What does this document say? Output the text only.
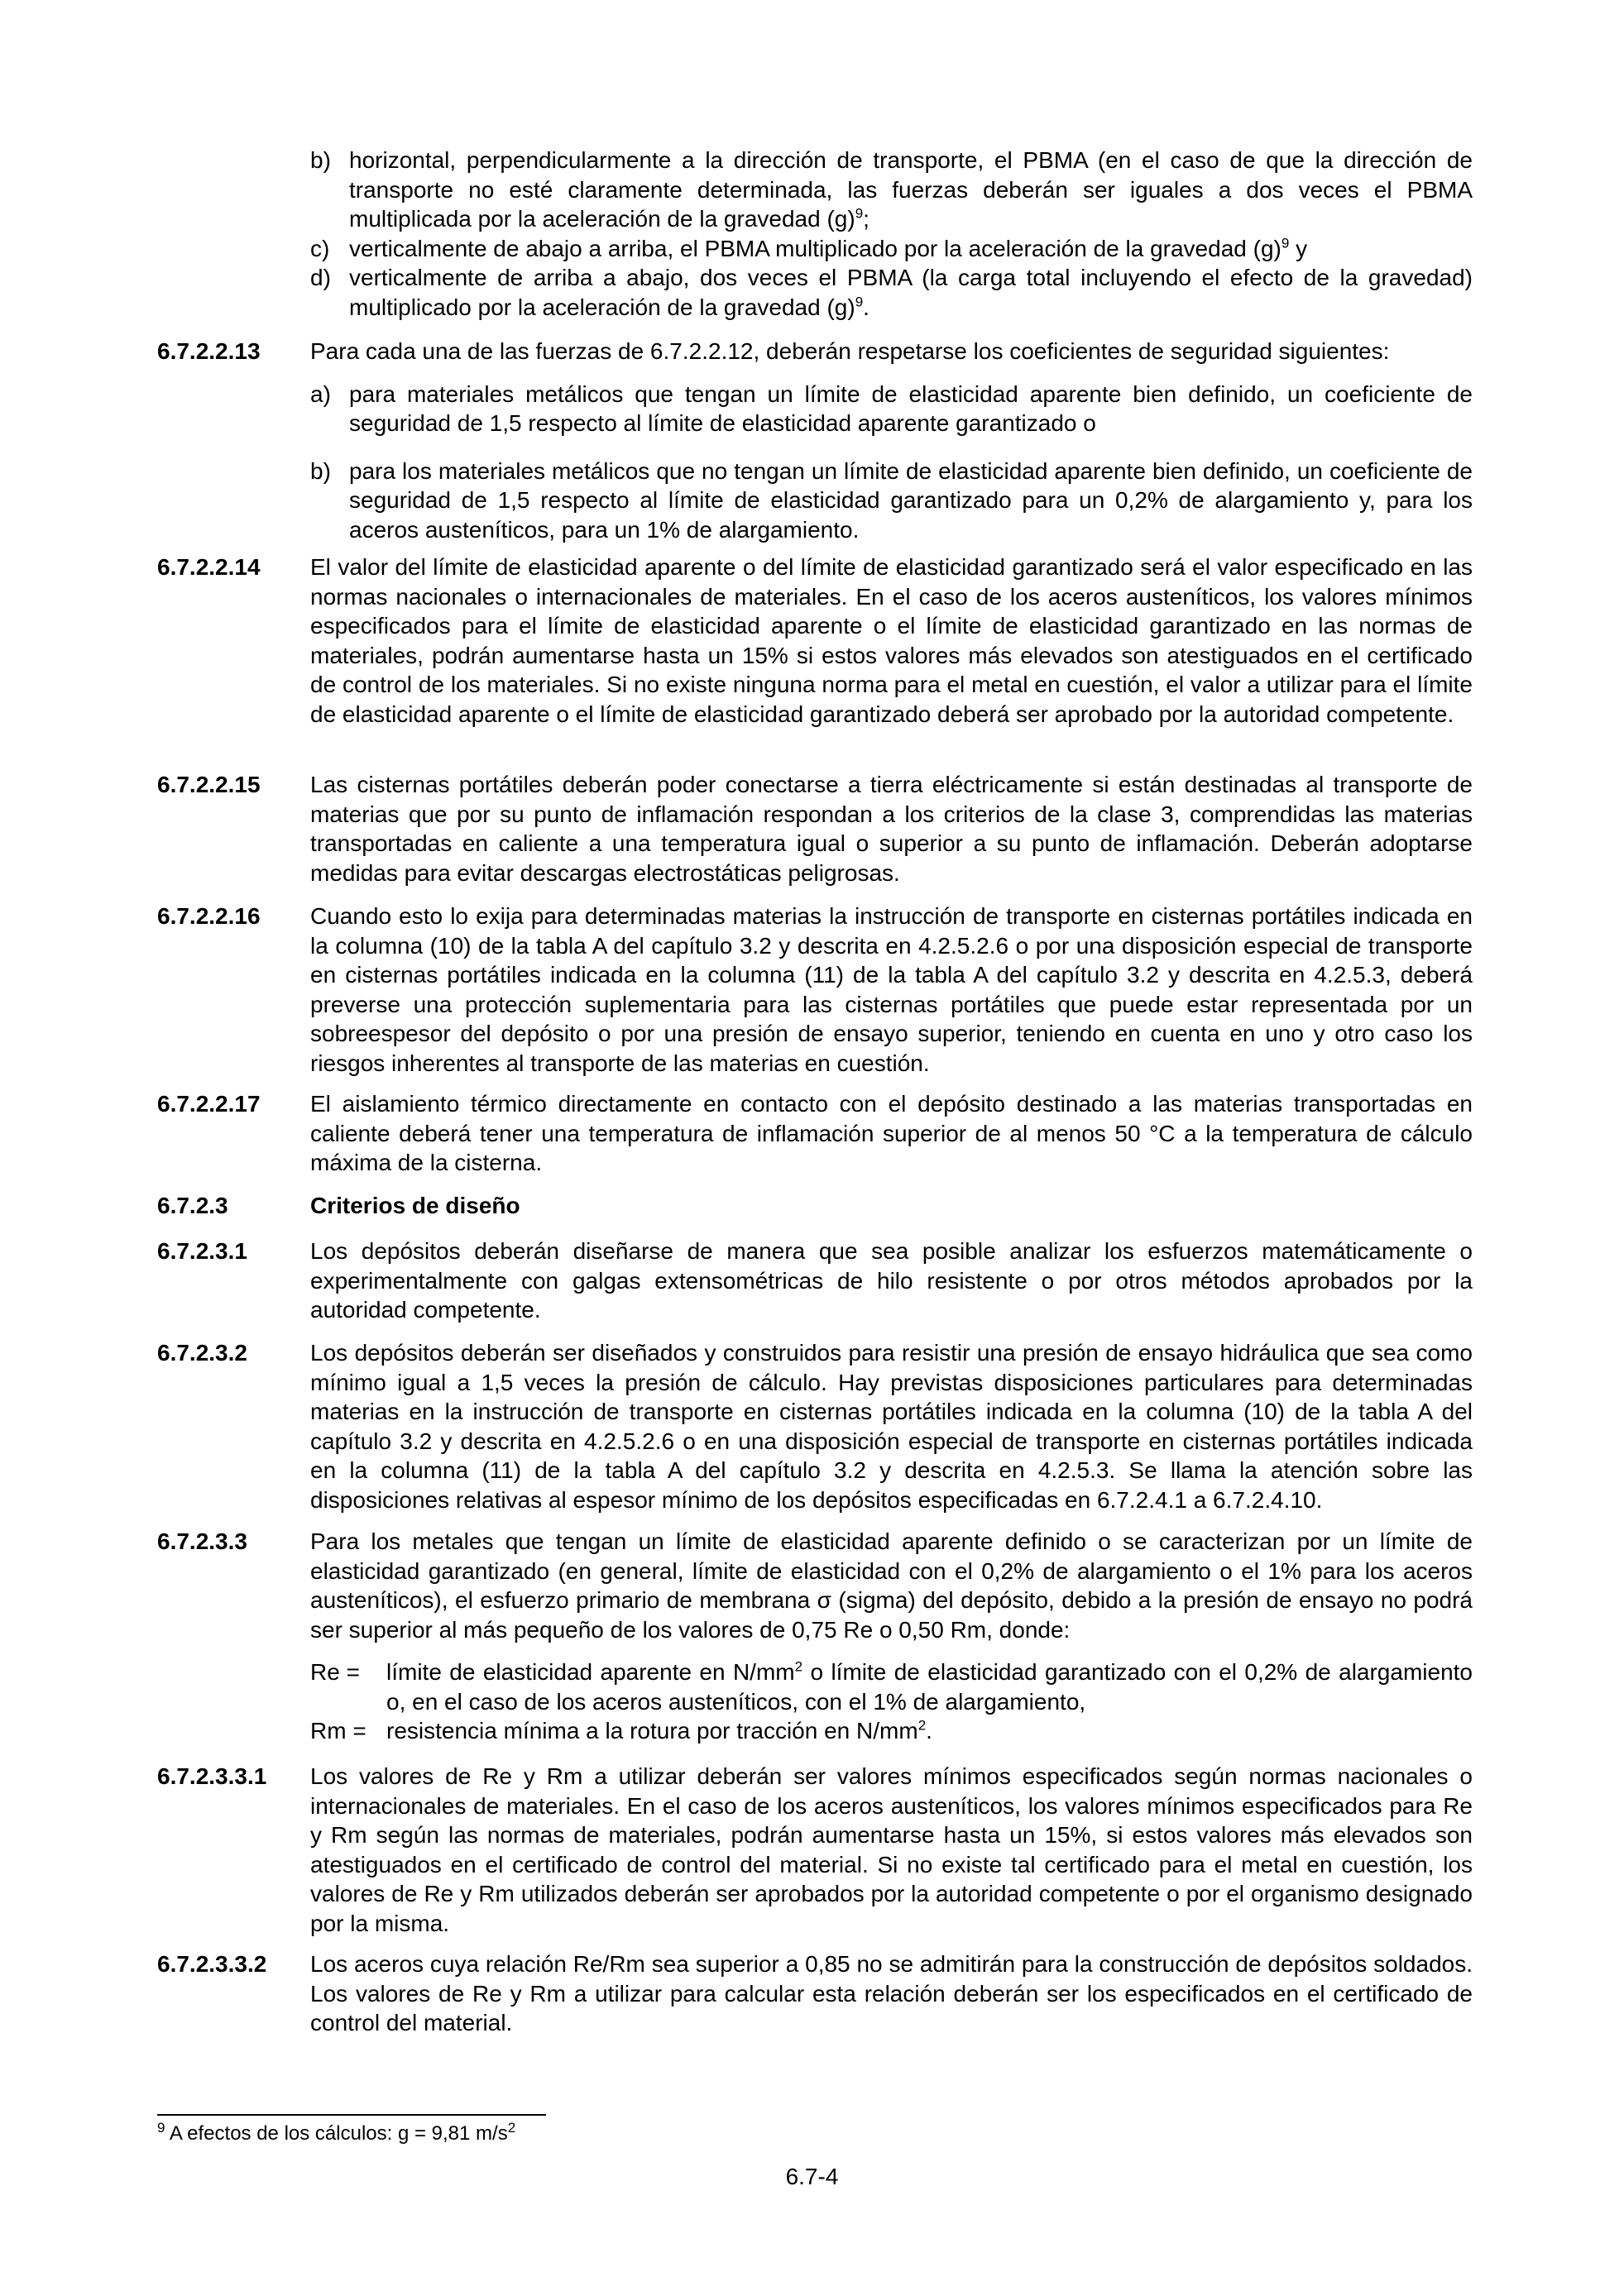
b) horizontal, perpendicularmente a la dirección de transporte, el PBMA (en el caso de que la dirección de transporte no esté claramente determinada, las fuerzas deberán ser iguales a dos veces el PBMA multiplicada por la aceleración de la gravedad $(g)^9$;
c) verticalmente de abajo a arriba, el PBMA multiplicado por la aceleración de la gravedad $(g)^9$ y
d) verticalmente de arriba a abajo, dos veces el PBMA (la carga total incluyendo el efecto de la gravedad) multiplicado por la aceleración de la gravedad $(g)^9$.
6.7.2.2.13 Para cada una de las fuerzas de 6.7.2.2.12, deberán respetarse los coeficientes de seguridad siguientes:
a) para materiales metálicos que tengan un límite de elasticidad aparente bien definido, un coeficiente de seguridad de 1,5 respecto al límite de elasticidad aparente garantizado o
b) para los materiales metálicos que no tengan un límite de elasticidad aparente bien definido, un coeficiente de seguridad de 1,5 respecto al límite de elasticidad garantizado para un 0,2% de alargamiento y, para los aceros austeníticos, para un 1% de alargamiento.
6.7.2.2.14 El valor del límite de elasticidad aparente o del límite de elasticidad garantizado será el valor especificado en las normas nacionales o internacionales de materiales. En el caso de los aceros austeníticos, los valores mínimos especificados para el límite de elasticidad aparente o el límite de elasticidad garantizado en las normas de materiales, podrán aumentarse hasta un 15% si estos valores más elevados son atestiguados en el certificado de control de los materiales. Si no existe ninguna norma para el metal en cuestión, el valor a utilizar para el límite de elasticidad aparente o el límite de elasticidad garantizado deberá ser aprobado por la autoridad competente.
6.7.2.2.15 Las cisternas portátiles deberán poder conectarse a tierra eléctricamente si están destinadas al transporte de materias que por su punto de inflamación respondan a los criterios de la clase 3, comprendidas las materias transportadas en caliente a una temperatura igual o superior a su punto de inflamación. Deberán adoptarse medidas para evitar descargas electrostáticas peligrosas.
6.7.2.2.16 Cuando esto lo exija para determinadas materias la instrucción de transporte en cisternas portátiles indicada en la columna (10) de la tabla A del capítulo 3.2 y descrita en 4.2.5.2.6 o por una disposición especial de transporte en cisternas portátiles indicada en la columna (11) de la tabla A del capítulo 3.2 y descrita en 4.2.5.3, deberá preverse una protección suplementaria para las cisternas portátiles que puede estar representada por un sobreespesor del depósito o por una presión de ensayo superior, teniendo en cuenta en uno y otro caso los riesgos inherentes al transporte de las materias en cuestión.
6.7.2.2.17 El aislamiento térmico directamente en contacto con el depósito destinado a las materias transportadas en caliente deberá tener una temperatura de inflamación superior de al menos 50 °C a la temperatura de cálculo máxima de la cisterna.
6.7.2.3	Criterios de diseño
6.7.2.3.1	Los depósitos deberán diseñarse de manera que sea posible analizar los esfuerzos matemáticamente o experimentalmente con galgas extensométricas de hilo resistente o por otros métodos aprobados por la autoridad competente.
6.7.2.3.2	Los depósitos deberán ser diseñados y construidos para resistir una presión de ensayo hidráulica que sea como mínimo igual a 1,5 veces la presión de cálculo. Hay previstas disposiciones particulares para determinadas materias en la instrucción de transporte en cisternas portátiles indicada en la columna (10) de la tabla A del capítulo 3.2 y descrita en 4.2.5.2.6 o en una disposición especial de transporte en cisternas portátiles indicada en la columna (11) de la tabla A del capítulo 3.2 y descrita en 4.2.5.3. Se llama la atención sobre las disposiciones relativas al espesor mínimo de los depósitos especificadas en 6.7.2.4.1 a 6.7.2.4.10.
6.7.2.3.3	Para los metales que tengan un límite de elasticidad aparente definido o se caracterizan por un límite de elasticidad garantizado (en general, límite de elasticidad con el 0,2% de alargamiento o el 1% para los aceros austeníticos), el esfuerzo primario de membrana σ (sigma) del depósito, debido a la presión de ensayo no podrá ser superior al más pequeño de los valores de 0,75 Re o 0,50 Rm, donde:
Re = límite de elasticidad aparente en $N/mm^2$ o límite de elasticidad garantizado con el 0,2% de alargamiento o, en el caso de los aceros austeníticos, con el 1% de alargamiento,
Rm = resistencia mínima a la rotura por tracción en $N/mm^2$.
6.7.2.3.3.1 Los valores de Re y Rm a utilizar deberán ser valores mínimos especificados según normas nacionales o internacionales de materiales. En el caso de los aceros austeníticos, los valores mínimos especificados para Re y Rm según las normas de materiales, podrán aumentarse hasta un 15%, si estos valores más elevados son atestiguados en el certificado de control del material. Si no existe tal certificado para el metal en cuestión, los valores de Re y Rm utilizados deberán ser aprobados por la autoridad competente o por el organismo designado por la misma.
6.7.2.3.3.2 Los aceros cuya relación Re/Rm sea superior a 0,85 no se admitirán para la construcción de depósitos soldados. Los valores de Re y Rm a utilizar para calcular esta relación deberán ser los especificados en el certificado de control del material.
$^9$ A efectos de los cálculos: g = 9,81 $m/s^2$
6.7-4
